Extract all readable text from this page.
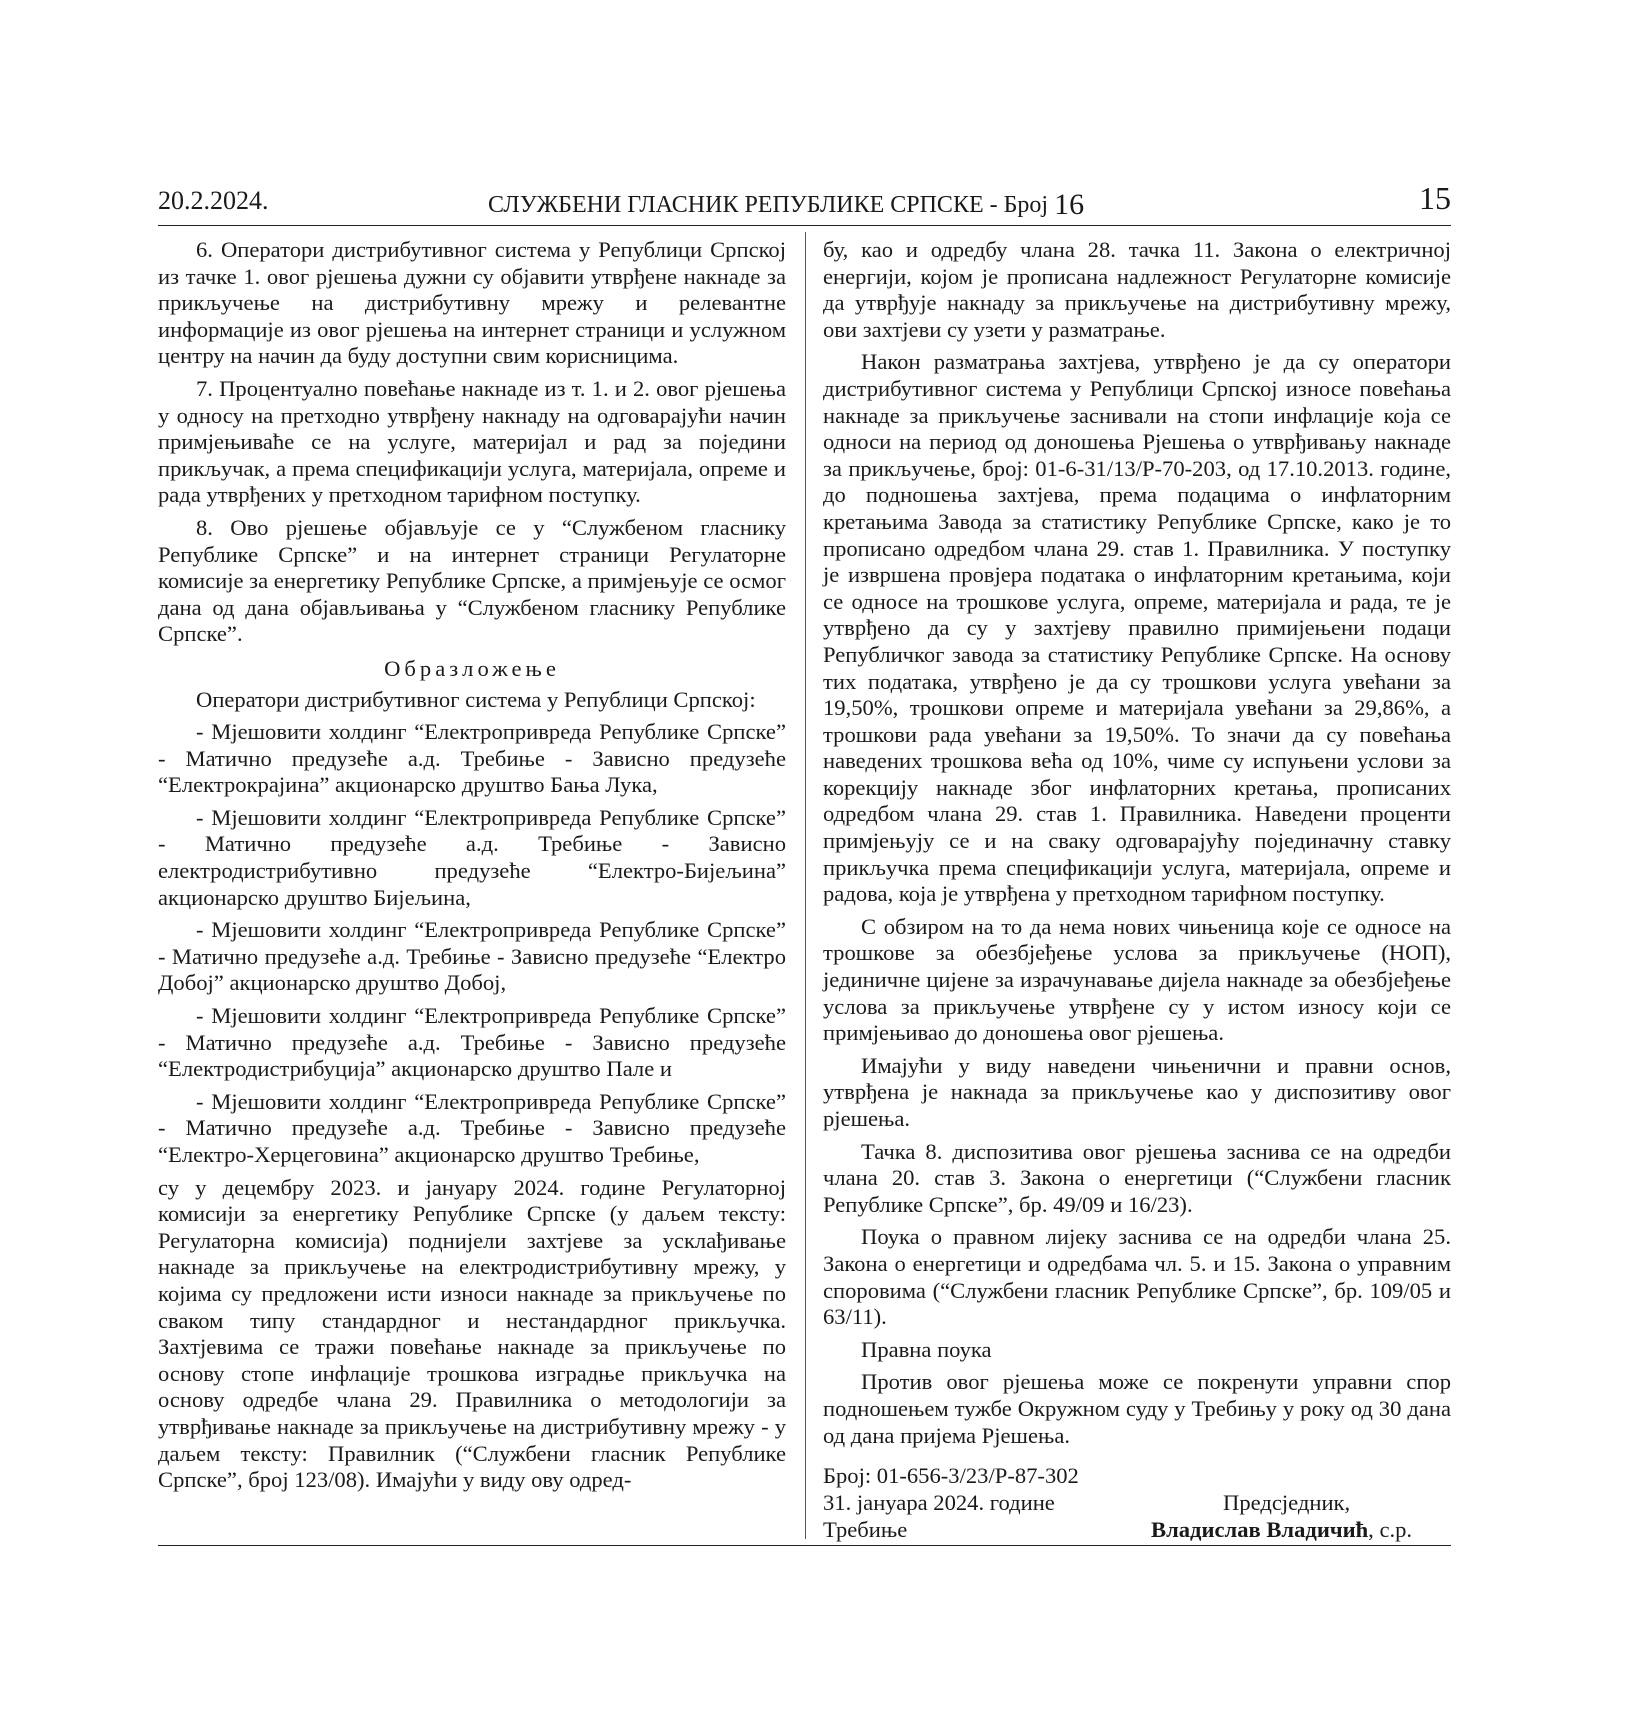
20.2.2024.	СЛУЖБЕНИ ГЛАСНИК РЕПУБЛИКЕ СРПСКЕ - Број 16	15

6. Оператори дистрибутивног система у Републици Српској из тачке 1. овог рјешења дужни су објавити утврђене накнаде за прикључење на дистрибутивну мрежу и релевантне информације из овог рјешења на интернет страници и услужном центру на начин да буду доступни свим корисницима.

7. Процентуално повећање накнаде из т. 1. и 2. овог рјешења у односу на претходно утврђену накнаду на одговарајући начин примјењиваће се на услуге, материјал и рад за поједини прикључак, а према спецификацији услуга, материјала, опреме и рада утврђених у претходном тарифном поступку.

8. Ово рјешење објављује се у “Службеном гласнику Републике Српске” и на интернет страници Регулаторне комисије за енергетику Републике Српске, а примјењује се осмог дана од дана објављивања у “Службеном гласнику Републике Српске”.

Образложење

Оператори дистрибутивног система у Републици Српској:

- Мјешовити холдинг “Електропривреда Републике Српске” - Матично предузеће а.д. Требиње - Зависно предузеће “Електрокрајина” акционарско друштво Бања Лука,

- Мјешовити холдинг “Електропривреда Републике Српске” - Матично предузеће а.д. Требиње - Зависно електродистрибутивно предузеће “Електро-Бијељина” акционарско друштво Бијељина,

- Мјешовити холдинг “Електропривреда Републике Српске” - Матично предузеће а.д. Требиње - Зависно предузеће “Електро Добој” акционарско друштво Добој,

- Мјешовити холдинг “Електропривреда Републике Српске” - Матично предузеће а.д. Требиње - Зависно предузеће “Електродистрибуција” акционарско друштво Пале и

- Мјешовити холдинг “Електропривреда Републике Српске” - Матично предузеће а.д. Требиње - Зависно предузеће “Електро-Херцеговина” акционарско друштво Требиње,

су у децембру 2023. и јануару 2024. године Регулаторној комисији за енергетику Републике Српске (у даљем тексту: Регулаторна комисија) поднијели захтјеве за усклађивање накнаде за прикључење на електродистрибутивну мрежу, у којима су предложени исти износи накнаде за прикључење по сваком типу стандардног и нестандардног прикључка. Захтјевима се тражи повећање накнаде за прикључење по основу стопе инфлације трошкова изградње прикључка на основу одредбе члана 29. Правилника о методологији за утврђивање накнаде за прикључење на дистрибутивну мрежу - у даљем тексту: Правилник (“Службени гласник Републике Српске”, број 123/08). Имајући у виду ову одред-

бу, као и одредбу члана 28. тачка 11. Закона о електричној енергији, којом је прописана надлежност Регулаторне комисије да утврђује накнаду за прикључење на дистрибутивну мрежу, ови захтјеви су узети у разматрање.

Након разматрања захтјева, утврђено је да су оператори дистрибутивног система у Републици Српској износе повећања накнаде за прикључење заснивали на стопи инфлације која се односи на период од доношења Рјешења о утврђивању накнаде за прикључење, број: 01-6-31/13/Р-70-203, од 17.10.2013. године, до подношења захтјева, према подацима о инфлаторним кретањима Завода за статистику Републике Српске, како је то прописано одредбом члана 29. став 1. Правилника. У поступку је извршена провјера података о инфлаторним кретањима, који се односе на трошкове услуга, опреме, материјала и рада, те је утврђено да су у захтјеву правилно примијењени подаци Републичког завода за статистику Републике Српске. На основу тих података, утврђено је да су трошкови услуга увећани за 19,50%, трошкови опреме и материјала увећани за 29,86%, а трошкови рада увећани за 19,50%. То значи да су повећања наведених трошкова већа од 10%, чиме су испуњени услови за корекцију накнаде због инфлаторних кретања, прописаних одредбом члана 29. став 1. Правилника. Наведени проценти примјењују се и на сваку одговарајућу појединачну ставку прикључка према спецификацији услуга, материјала, опреме и радова, која је утврђена у претходном тарифном поступку.

С обзиром на то да нема нових чињеница које се односе на трошкове за обезбјеђење услова за прикључење (НОП), јединичне цијене за израчунавање дијела накнаде за обезбјеђење услова за прикључење утврђене су у истом износу који се примјењивао до доношења овог рјешења.

Имајући у виду наведени чињенични и правни основ, утврђена је накнада за прикључење као у диспозитиву овог рјешења.

Тачка 8. диспозитива овог рјешења заснива се на одредби члана 20. став 3. Закона о енергетици (“Службени гласник Републике Српске”, бр. 49/09 и 16/23).

Поука о правном лијеку заснива се на одредби члана 25. Закона о енергетици и одредбама чл. 5. и 15. Закона о управним споровима (“Службени гласник Републике Српске”, бр. 109/05 и 63/11).

Правна поука

Против овог рјешења може се покренути управни спор подношењем тужбе Окружном суду у Требињу у року од 30 дана од дана пријема Рјешења.

Број: 01-656-3/23/Р-87-302
31. јануара 2024. године
Требиње
Предсједник,
Владислав Владичић, с.р.
